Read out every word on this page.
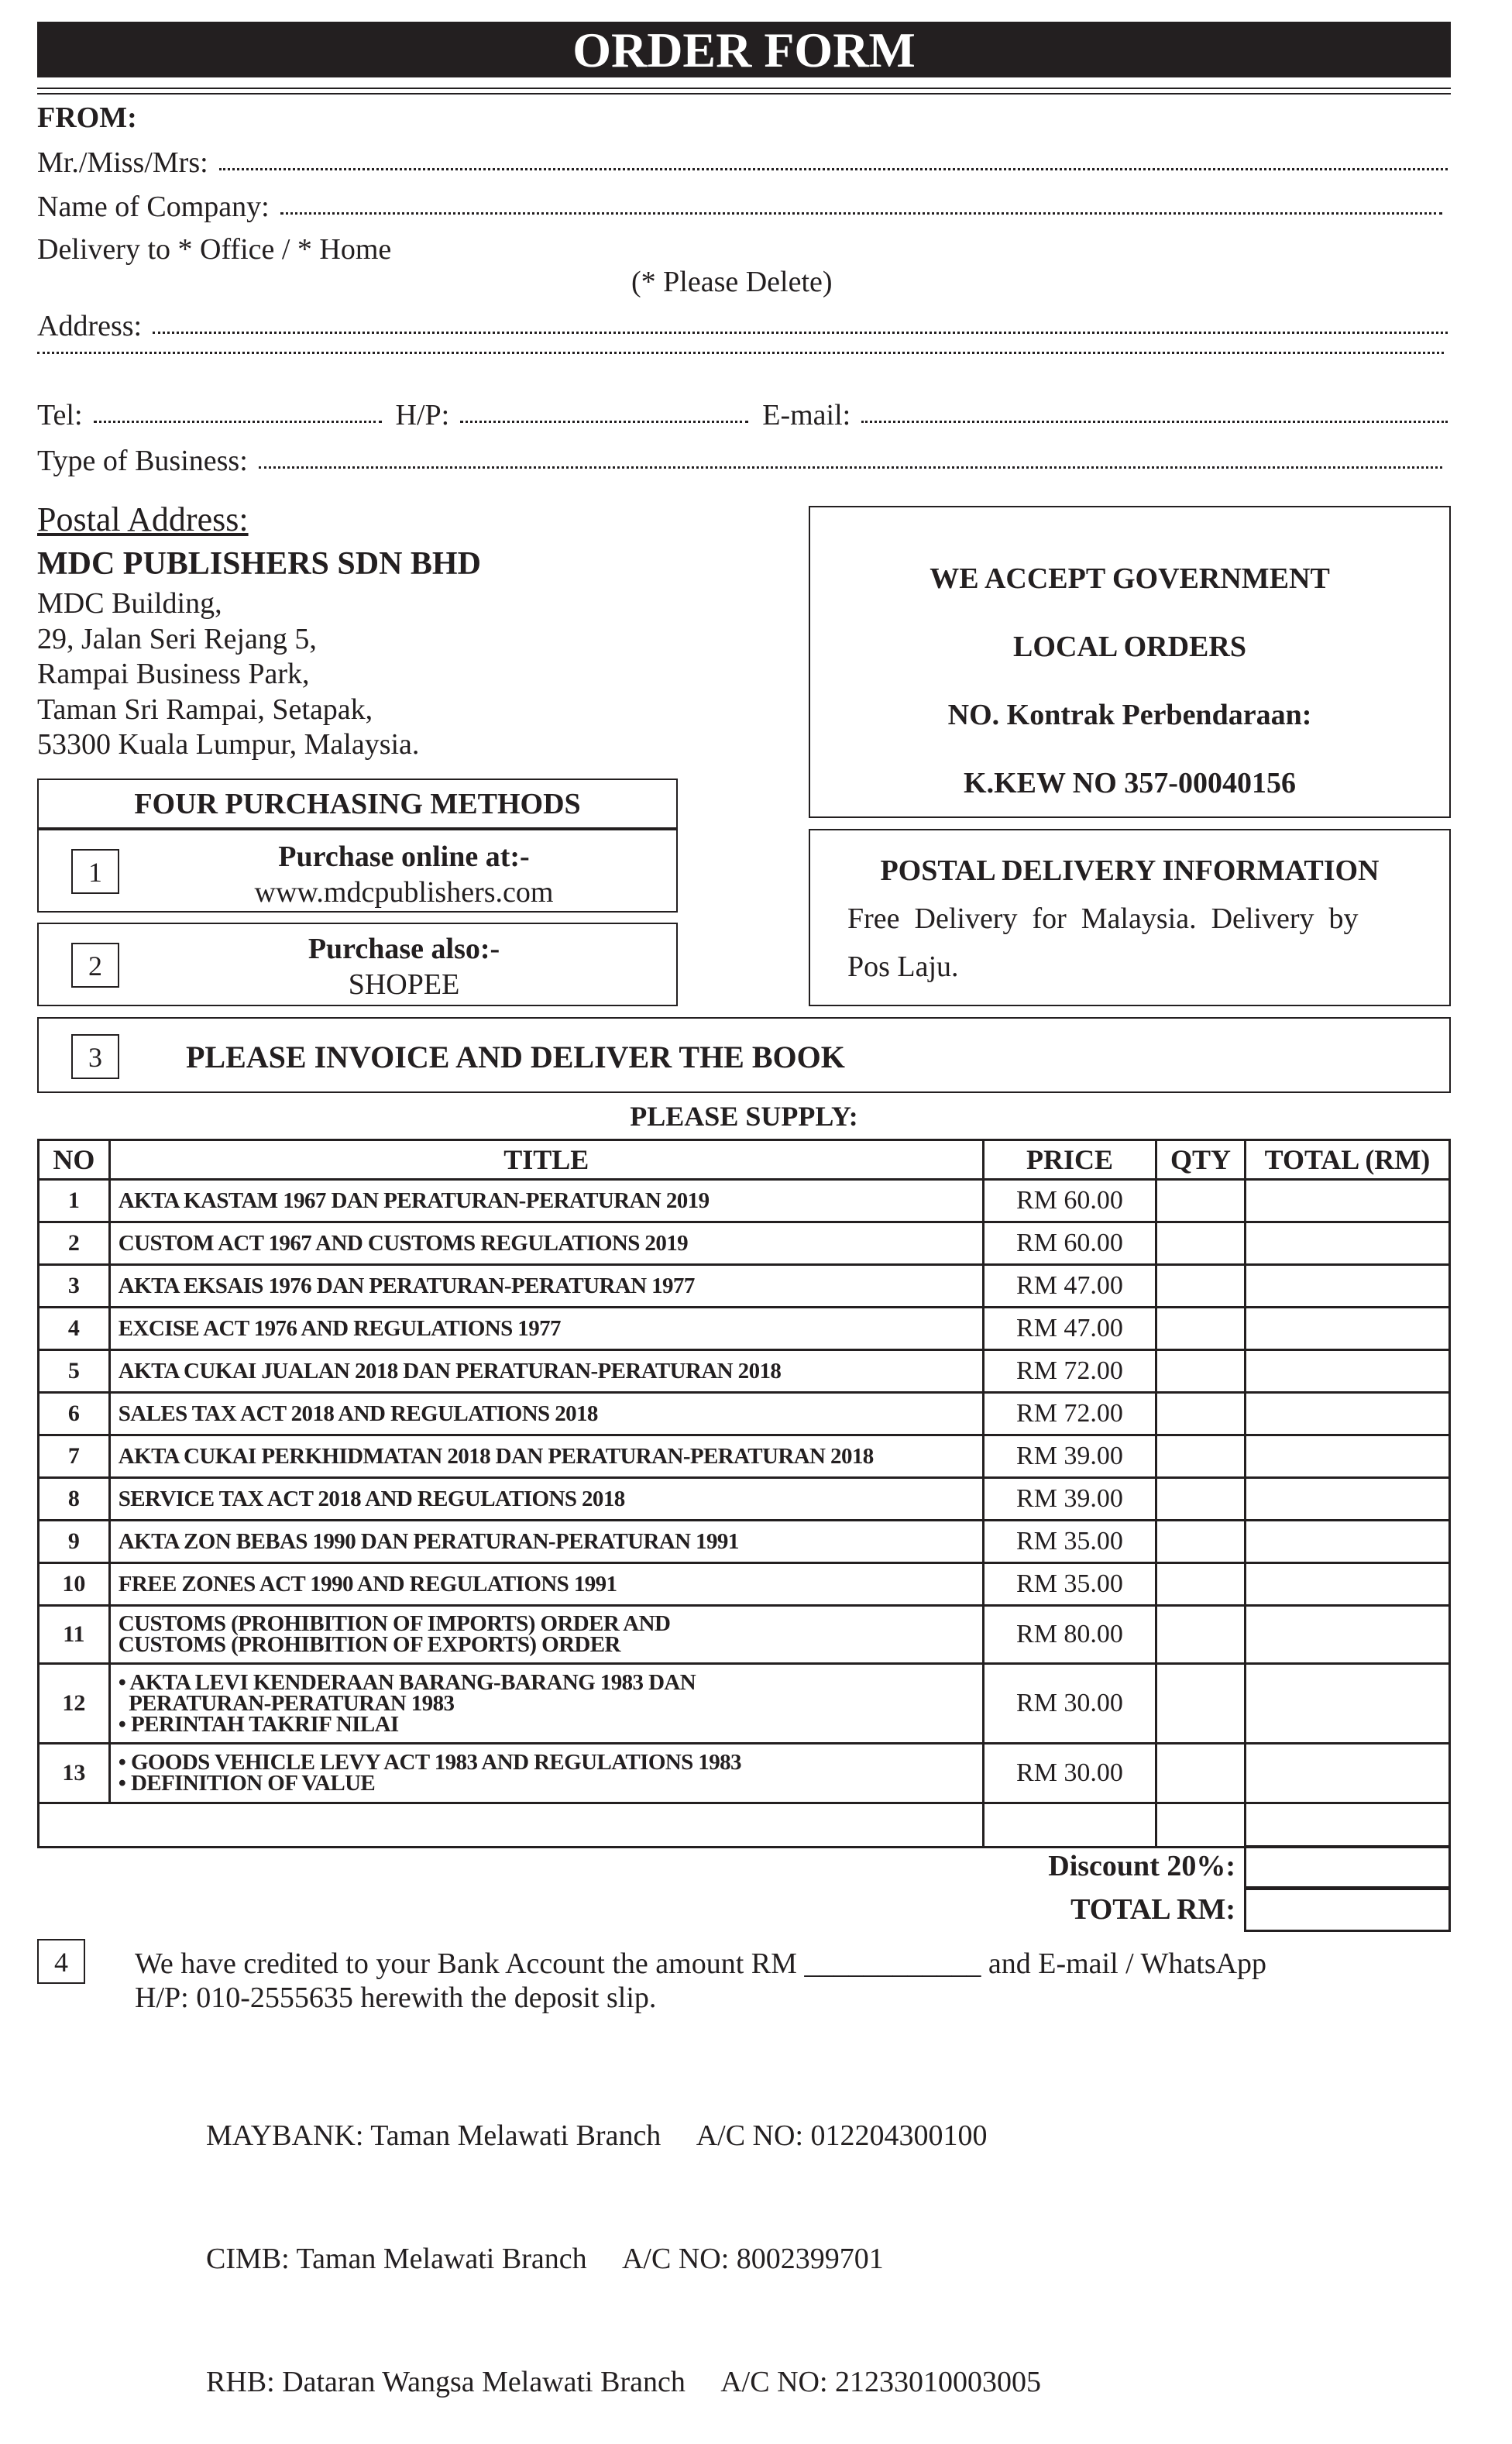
ORDER FORM
FROM:
Mr./Miss/Mrs:
Name of Company:
Delivery to * Office / * Home
(* Please Delete)
Address:
Tel:	H/P:	E-mail:
Type of Business:
Postal Address:
MDC PUBLISHERS SDN BHD
MDC Building,
29, Jalan Seri Rejang 5,
Rampai Business Park,
Taman Sri Rampai, Setapak,
53300 Kuala Lumpur, Malaysia.
WE ACCEPT GOVERNMENT
LOCAL ORDERS
NO. Kontrak Perbendaraan:
K.KEW NO 357-00040156
FOUR PURCHASING METHODS
1	Purchase online at:-
www.mdcpublishers.com
2
Purchase also:-
SHOPEE
POSTAL DELIVERY INFORMATION
Free  Delivery  for  Malaysia.  Delivery  by
Pos Laju.
3	PLEASE INVOICE AND DELIVER THE BOOK
PLEASE SUPPLY:
NO	TITLE	PRICE	QTY	TOTAL (RM)
1	AKTA KASTAM 1967 DAN PERATURAN-PERATURAN 2019	RM 60.00		
2	CUSTOM ACT 1967 AND CUSTOMS REGULATIONS 2019	RM 60.00		
3	AKTA EKSAIS 1976 DAN PERATURAN-PERATURAN 1977	RM 47.00		
4	EXCISE ACT 1976 AND REGULATIONS 1977	RM 47.00		
5	AKTA CUKAI JUALAN 2018 DAN PERATURAN-PERATURAN 2018	RM 72.00		
6	SALES TAX ACT 2018 AND REGULATIONS 2018	RM 72.00		
7	AKTA CUKAI PERKHIDMATAN 2018 DAN PERATURAN-PERATURAN 2018	RM 39.00		
8	SERVICE TAX ACT 2018 AND REGULATIONS 2018	RM 39.00		
9	AKTA ZON BEBAS 1990 DAN PERATURAN-PERATURAN 1991	RM 35.00		
10	FREE ZONES ACT 1990 AND REGULATIONS 1991	RM 35.00		
11	CUSTOMS (PROHIBITION OF IMPORTS) ORDER AND
CUSTOMS (PROHIBITION OF EXPORTS) ORDER	RM 80.00		
12	• AKTA LEVI KENDERAAN BARANG-BARANG 1983 DAN
PERATURAN-PERATURAN 1983
• PERINTAH TAKRIF NILAI	RM 30.00		
13	• GOODS VEHICLE LEVY ACT 1983 AND REGULATIONS 1983
• DEFINITION OF VALUE	RM 30.00		

Discount 20%:
TOTAL RM:
4	We have credited to your Bank Account the amount RM ____________ and E-mail / WhatsApp
H/P: 010-2555635 herewith the deposit slip.

MAYBANK: Taman Melawati Branch     A/C NO: 012204300100

CIMB: Taman Melawati Branch     A/C NO: 8002399701

RHB: Dataran Wangsa Melawati Branch     A/C NO: 21233010003005
